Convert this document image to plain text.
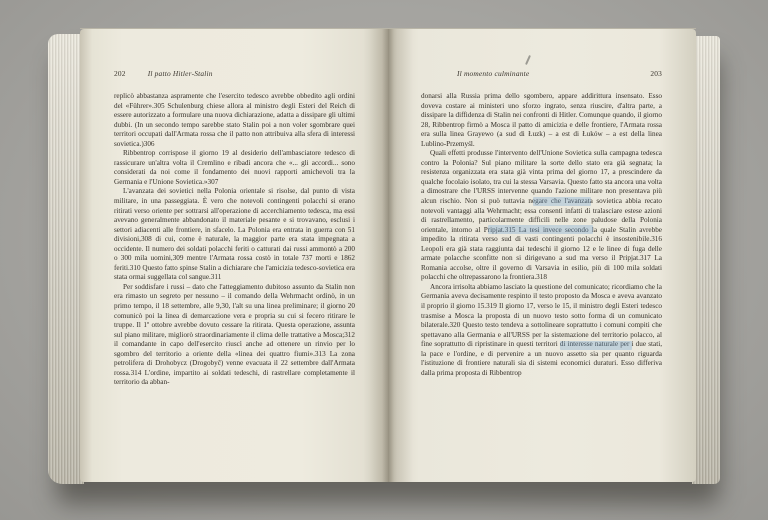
202	Il patto Hitler-Stalin

replicò abbastanza aspramente che l'esercito tedesco avrebbe obbedito agli ordini del «Führer».305 Schulenburg chiese allora al ministro degli Esteri del Reich di essere autorizzato a formulare una nuova dichiarazione, adatta a dissipare gli ultimi dubbi. (In un secondo tempo sarebbe stato Stalin poi a non voler sgombrare quei territori occupati dall'Armata rossa che il patto non attribuiva alla sfera di interessi sovietica.)306

Ribbentrop corrispose il giorno 19 al desiderio dell'ambasciatore tedesco di rassicurare un'altra volta il Cremlino e ribadì ancora che «... gli accordi... sono considerati da noi come il fondamento dei nuovi rapporti amichevoli tra la Germania e l'Unione Sovietica.»307

L'avanzata dei sovietici nella Polonia orientale si risolse, dal punto di vista militare, in una passeggiata. È vero che notevoli contingenti polacchi si erano ritirati verso oriente per sottrarsi all'operazione di accerchiamento tedesca, ma essi avevano generalmente abbandonato il materiale pesante e si trovavano, esclusi i settori adiacenti alle frontiere, in sfacelo. La Polonia era entrata in guerra con 51 divisioni,308 di cui, come è naturale, la maggior parte era stata impegnata a occidente. Il numero dei soldati polacchi feriti o catturati dai russi ammontò a 200 o 300 mila uomini,309 mentre l'Armata rossa costò in totale 737 morti e 1862 feriti.310 Questo fatto spinse Stalin a dichiarare che l'amicizia tedesco-sovietica era stata ormai suggellata col sangue.311

Per soddisfare i russi – dato che l'atteggiamento dubitoso assunto da Stalin non era rimasto un segreto per nessuno – il comando della Wehrmacht ordinò, in un primo tempo, il 18 settembre, alle 9,30, l'alt su una linea preliminare; il giorno 20 comunicò poi la linea di demarcazione vera e propria su cui si fecero ritirare le truppe. Il 1º ottobre avrebbe dovuto cessare la ritirata. Questa operazione, assunta sul piano militare, migliorò straordinariamente il clima delle trattative a Mosca;312 il comandante in capo dell'esercito riuscì anche ad ottenere un rinvio per lo sgombro del territorio a oriente della «linea dei quattro fiumi».313 La zona petrolifera di Drohobycz (Drogobyč) venne evacuata il 22 settembre dall'Armata rossa.314 L'ordine, impartito ai soldati tedeschi, di rastrellare completamente il territorio da abban-

Il momento culminante	203

donarsi alla Russia prima dello sgombero, appare addirittura insensato. Esso doveva costare ai ministeri uno sforzo ingrato, senza riuscire, d'altra parte, a dissipare la diffidenza di Stalin nei confronti di Hitler. Comunque quando, il giorno 28, Ribbentrop firmò a Mosca il patto di amicizia e delle frontiere, l'Armata rossa era sulla linea Grayewo (a sud di Łuzk) – a est di Łuków – a est della linea Lublino-Przemyśl.

Quali effetti produsse l'intervento dell'Unione Sovietica sulla campagna tedesca contro la Polonia? Sul piano militare la sorte dello stato era già segnata; la resistenza organizzata era stata già vinta prima del giorno 17, a prescindere da qualche focolaio isolato, tra cui la stessa Varsavia. Questo fatto sta ancora una volta a dimostrare che l'URSS intervenne quando l'azione militare non presentava più alcun rischio. Non si può tuttavia negare che l'avanzata sovietica abbia recato notevoli vantaggi alla Wehrmacht; essa consentì infatti di tralasciare estese azioni di rastrellamento, particolarmente difficili nelle zone paludose della Polonia orientale, intorno al Pripjat.315 La tesi invece secondo la quale Stalin avrebbe impedito la ritirata verso sud di vasti contingenti polacchi è insostenibile.316 Leopoli era già stata raggiunta dai tedeschi il giorno 12 e le linee di fuga delle armate polacche sconfitte non si dirigevano a sud ma verso il Pripjat.317 La Romania accolse, oltre il governo di Varsavia in esilio, più di 100 mila soldati polacchi che oltrepassarono la frontiera.318

Ancora irrisolta abbiamo lasciato la questione del comunicato; ricordiamo che la Germania aveva decisamente respinto il testo proposto da Mosca e aveva avanzato il proprio il giorno 15.319 Il giorno 17, verso le 15, il ministro degli Esteri tedesco trasmise a Mosca la proposta di un nuovo testo sotto forma di un comunicato bilaterale.320 Questo testo tendeva a sottolineare soprattutto i comuni compiti che spettavano alla Germania e all'URSS per la sistemazione del territorio polacco, al fine soprattutto di ripristinare in questi territori di interesse naturale per i due stati, la pace e l'ordine, e di pervenire a un nuovo assetto sia per quanto riguarda l'istituzione di frontiere naturali sia di sistemi economici duraturi. Esso differiva dalla prima proposta di Ribbentrop
